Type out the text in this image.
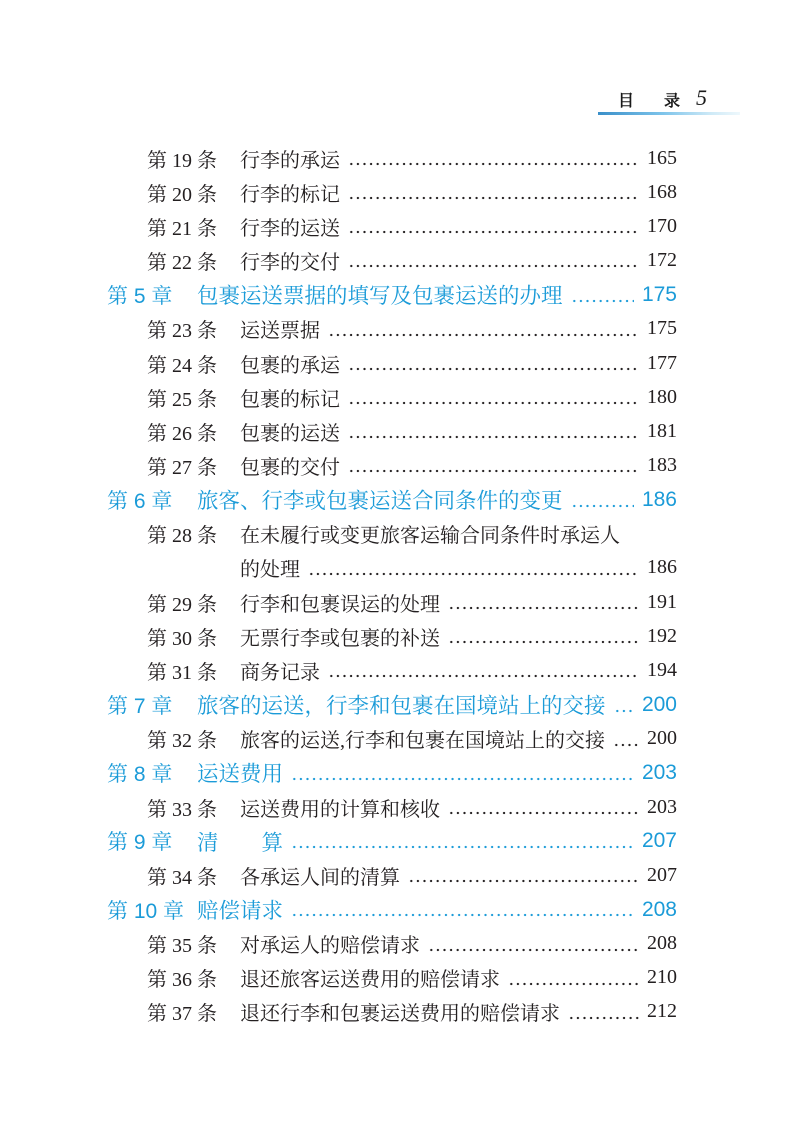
目 录 5
第 19 条	行李的承运	165
第 20 条	行李的标记	168
第 21 条	行李的运送	170
第 22 条	行李的交付	172
第 5 章	包裹运送票据的填写及包裹运送的办理	175
第 23 条	运送票据	175
第 24 条	包裹的承运	177
第 25 条	包裹的标记	180
第 26 条	包裹的运送	181
第 27 条	包裹的交付	183
第 6 章	旅客、行李或包裹运送合同条件的变更	186
第 28 条	在未履行或变更旅客运输合同条件时承运人
的处理	186
第 29 条	行李和包裹误运的处理	191
第 30 条	无票行李或包裹的补送	192
第 31 条	商务记录	194
第 7 章	旅客的运送，行李和包裹在国境站上的交接 200
第 32 条	旅客的运送,行李和包裹在国境站上的交接 200
第 8 章	运送费用	203
第 33 条	运送费用的计算和核收	203
第 9 章	清　　算	207
第 34 条	各承运人间的清算	207
第 10 章 赔偿请求	208
第 35 条	对承运人的赔偿请求	208
第 36 条	退还旅客运送费用的赔偿请求	210
第 37 条	退还行李和包裹运送费用的赔偿请求	212
